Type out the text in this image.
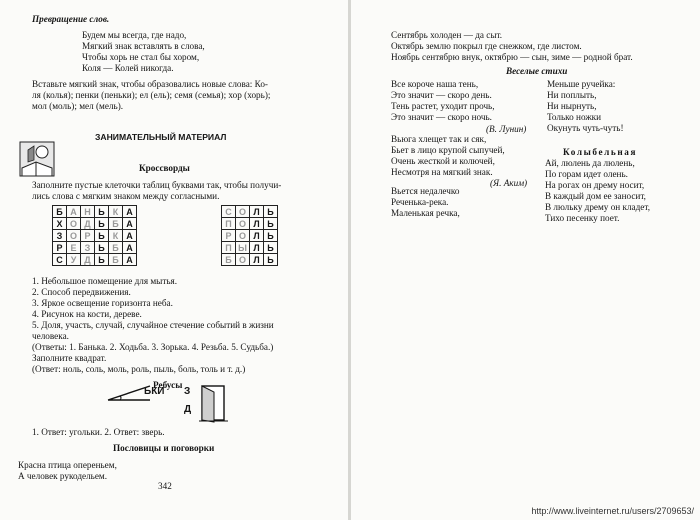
Превращение слов.
Будем мы всегда, где надо,
Мягкий знак вставлять в слова,
Чтобы хорь не стал бы хором,
Коля — Колей никогда.
Вставьте мягкий знак, чтобы образовались новые слова: Ко-
ля (колья); пенки (пеньки); ел (ель); семя (семья); хор (хорь);
мол (моль); мел (мель).
ЗАНИМАТЕЛЬНЫЙ МАТЕРИАЛ
Кроссворды
Заполните пустые клеточки таблиц буквами так, чтобы получи-
лись слова с мягким знаком между согласными.
Б	А	Н	Ь	К	А
Х	О	Д	Ь	Б	А
З	О	Р	Ь	К	А
Р	Е	З	Ь	Б	А
С	У	Д	Ь	Б	А
С	О	Л	Ь
П	О	Л	Ь
Р	О	Л	Ь
П	Ы	Л	Ь
Б	О	Л	Ь
1. Небольшое помещение для мытья.
2. Способ передвижения.
3. Яркое освещение горизонта неба.
4. Рисунок на кости, дереве.
5. Доля, участь, случай, случайное стечение событий в жизни
человека.
(Ответы: 1. Банька. 2. Ходьба. 3. Зорька. 4. Резьба. 5. Судьба.)
Заполните квадрат.
(Ответ: ноль, соль, моль, роль, пыль, боль, толь и т. д.)
Ребусы
ЬКИ З
Д
1. Ответ: угольки. 2. Ответ: зверь.
Пословицы и поговорки
Красна птица опереньем,
А человек рукодельем.
342
Сентябрь холоден — да сыт.
Октябрь землю покрыл где снежком, где листом.
Ноябрь сентябрю внук, октябрю — сын, зиме — родной брат.
Веселые стихи
Все короче наша тень,
Это значит — скоро день.
Тень растет, уходит прочь,
Это значит — скоро ночь.
(В. Лунин)
Вьюга хлещет так и сяк,
Бьет в лицо крупой сыпучей,
Очень жесткой и колючей,
Несмотря на мягкий знак.
(Я. Аким)
Вьется недалечко
Реченька-река.
Маленькая речка,
Меньше ручейка:
Ни поплыть,
Ни нырнуть,
Только ножки
Окунуть чуть-чуть!
Колыбельная
Ай, люлень да люлень,
По горам идет олень.
На рогах он дрему носит,
В каждый дом ее заносит,
В люльку дрему он кладет,
Тихо песенку поет.
http://www.liveinternet.ru/users/2709653/
